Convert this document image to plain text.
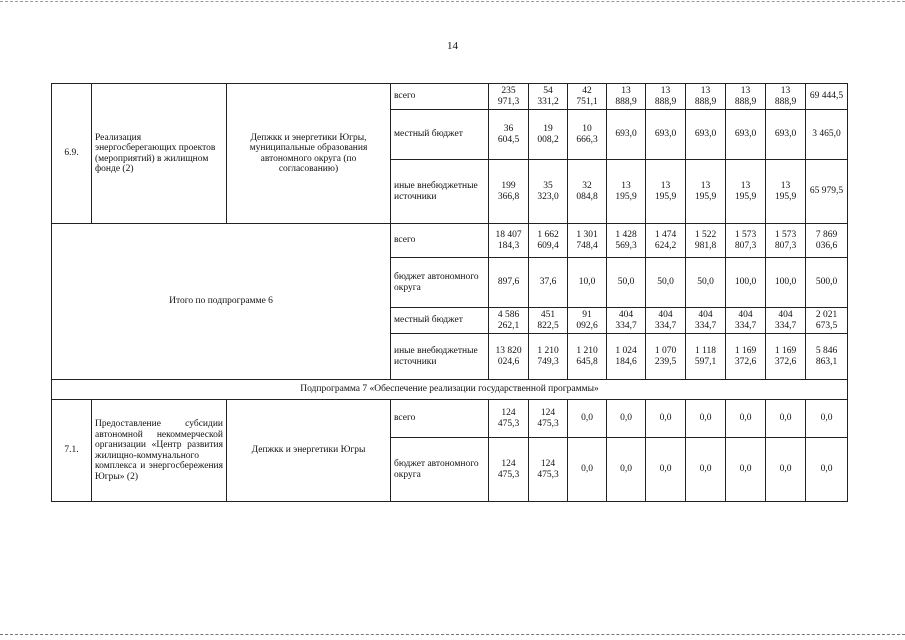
14
6.9.	Реализация энергосберегающих проектов (мероприятий) в жилищном фонде (2)	Депжкк и энергетики Югры, муниципальные образования автономного округа (по согласованию)	всего	235 971,3	54 331,2	42 751,1	13 888,9	13 888,9	13 888,9	13 888,9	13 888,9	69 444,5
			местный бюджет	36 604,5	19 008,2	10 666,3	693,0	693,0	693,0	693,0	693,0	3 465,0
			иные внебюджетные источники	199 366,8	35 323,0	32 084,8	13 195,9	13 195,9	13 195,9	13 195,9	13 195,9	65 979,5
Итого по подпрограмме 6			всего	18 407 184,3	1 662 609,4	1 301 748,4	1 428 569,3	1 474 624,2	1 522 981,8	1 573 807,3	1 573 807,3	7 869 036,6
			бюджет автономного округа	897,6	37,6	10,0	50,0	50,0	50,0	100,0	100,0	500,0
			местный бюджет	4 586 262,1	451 822,5	91 092,6	404 334,7	404 334,7	404 334,7	404 334,7	404 334,7	2 021 673,5
			иные внебюджетные источники	13 820 024,6	1 210 749,3	1 210 645,8	1 024 184,6	1 070 239,5	1 118 597,1	1 169 372,6	1 169 372,6	5 846 863,1
Подпрограмма 7 «Обеспечение реализации государственной программы»												
7.1.	Предоставление субсидии автономной некоммерческой организации «Центр развития жилищно-коммунального комплекса и энергосбережения Югры» (2)	Депжкк и энергетики Югры	всего	124 475,3	124 475,3	0,0	0,0	0,0	0,0	0,0	0,0	0,0
			бюджет автономного округа	124 475,3	124 475,3	0,0	0,0	0,0	0,0	0,0	0,0	0,0
